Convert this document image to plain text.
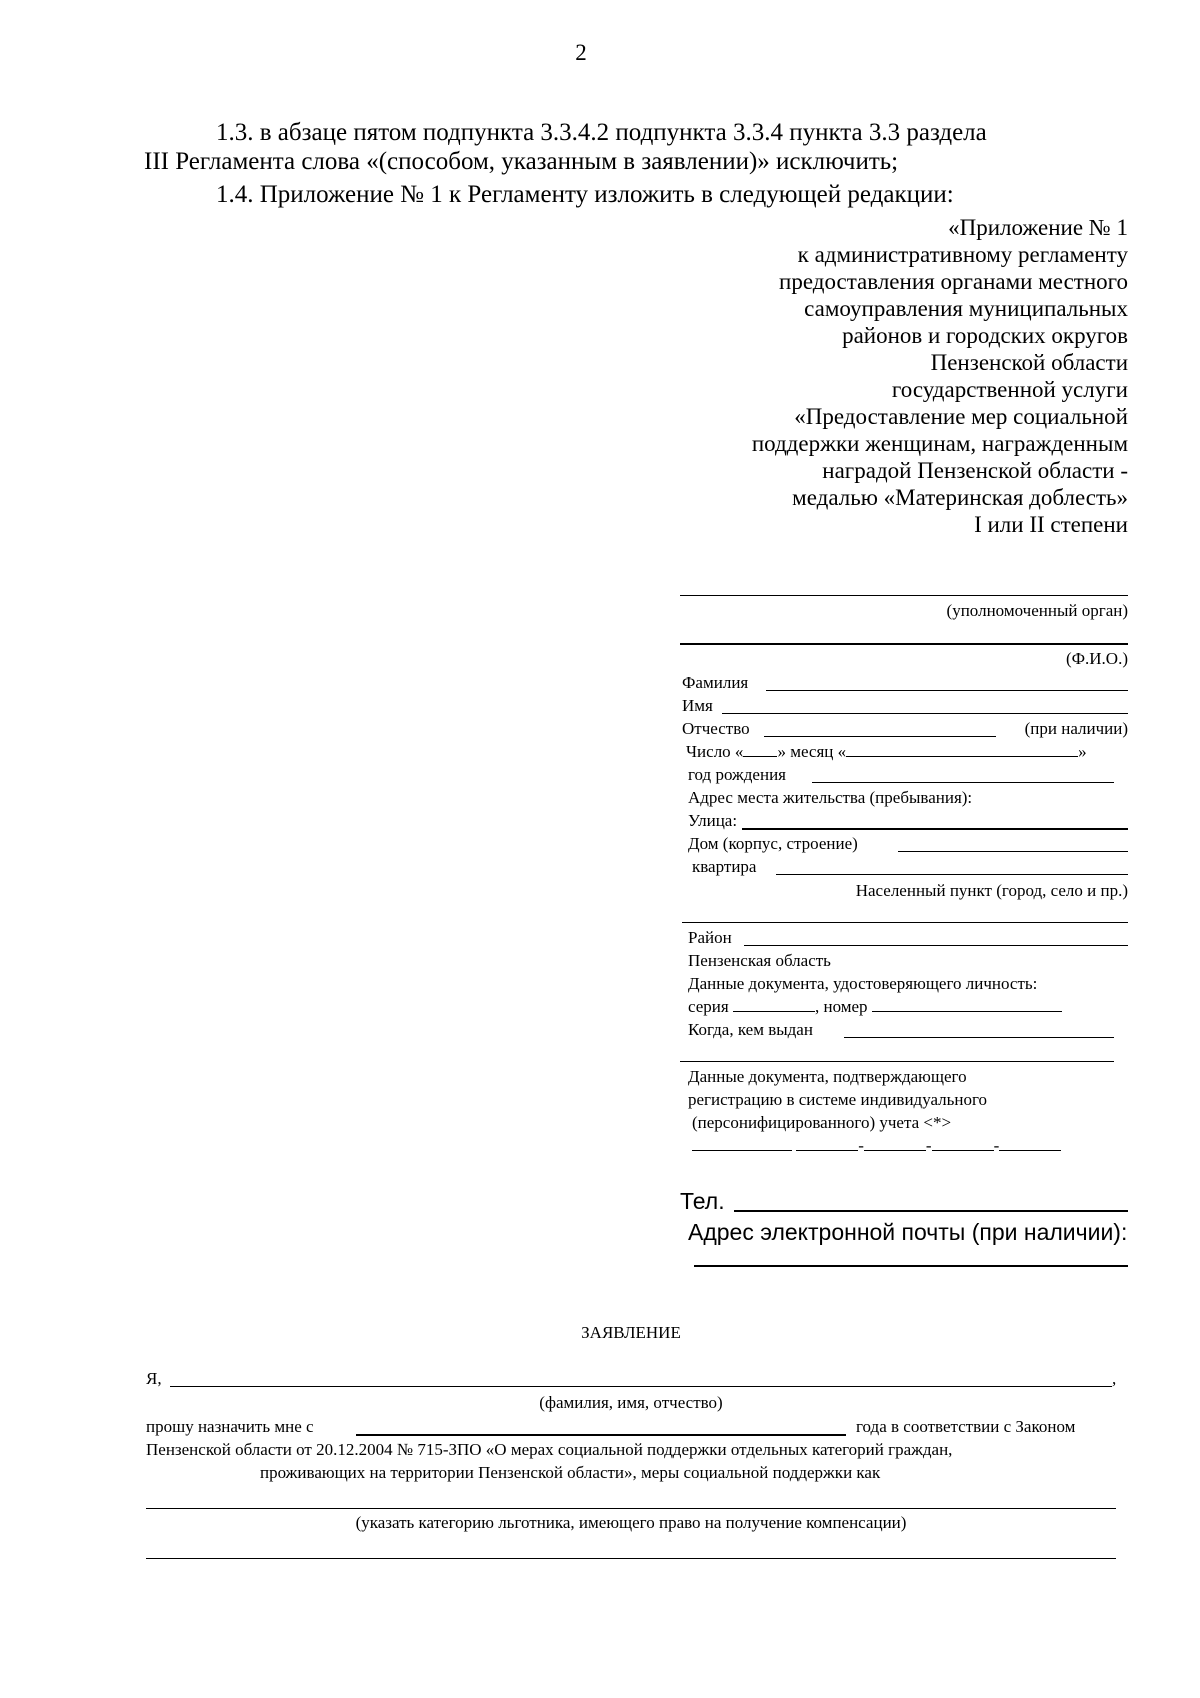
2
1.3. в абзаце пятом подпункта 3.3.4.2 подпункта 3.3.4 пункта 3.3 раздела
III Регламента слова «(способом, указанным в заявлении)» исключить;
1.4. Приложение № 1 к Регламенту изложить в следующей редакции:
«Приложение № 1
к административному регламенту
предоставления органами местного
самоуправления муниципальных
районов и городских округов
Пензенской области
государственной услуги
«Предоставление мер социальной
поддержки женщинам, награжденным
наградой Пензенской области -
медалью «Материнская доблесть»
I или II степени
(уполномоченный орган)
(Ф.И.О.)
Фамилия
Имя
Отчество	(при наличии)
Число « » месяц «	»
год рождения
Адрес места жительства (пребывания):
Улица:
Дом (корпус, строение)
квартира
Населенный пункт (город, село и пр.)
Район
Пензенская область
Данные документа, удостоверяющего личность:
серия	, номер
Когда, кем выдан
Данные документа, подтверждающего
регистрацию в системе индивидуального
(персонифицированного) учета <*>
-	-	-
Тел.
Адрес электронной почты (при наличии):
ЗАЯВЛЕНИЕ
Я,	,
(фамилия, имя, отчество)
прошу назначить мне с	года в соответствии с Законом
Пензенской области от 20.12.2004 № 715-ЗПО «О мерах социальной поддержки отдельных категорий граждан,
проживающих на территории Пензенской области», меры социальной поддержки как
(указать категорию льготника, имеющего право на получение компенсации)
